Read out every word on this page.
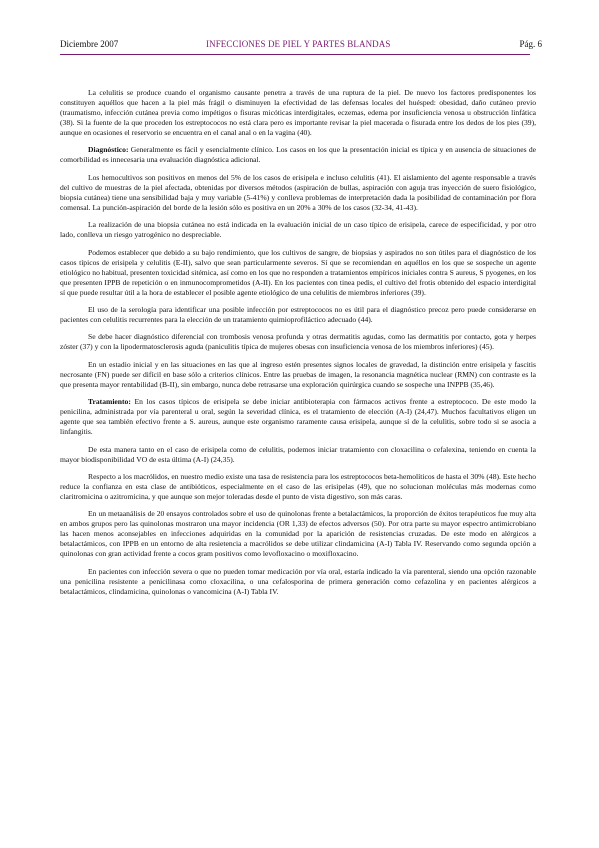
Diciembre 2007	INFECCIONES DE PIEL Y PARTES BLANDAS	Pág. 6

La celulitis se produce cuando el organismo causante penetra a través de una ruptura de la piel. De nuevo los factores predisponentes los constituyen aquéllos que hacen a la piel más frágil o disminuyen la efectividad de las defensas locales del huésped: obesidad, daño cutáneo previo (traumatismo, infección cutánea previa como impétigos o fisuras micóticas interdigitales, eczemas, edema por insuficiencia venosa u obstrucción linfática (38). Si la fuente de la que proceden los estreptococos no está clara pero es importante revisar la piel macerada o fisurada entre los dedos de los pies (39), aunque en ocasiones el reservorio se encuentra en el canal anal o en la vagina (40).

Diagnóstico: Generalmente es fácil y esencialmente clínico. Los casos en los que la presentación inicial es típica y en ausencia de situaciones de comorbilidad es innecesaria una evaluación diagnóstica adicional.

Los hemocultivos son positivos en menos del 5% de los casos de erisipela e incluso celulitis (41). El aislamiento del agente responsable a través del cultivo de muestras de la piel afectada, obtenidas por diversos métodos (aspiración de bullas, aspiración con aguja tras inyección de suero fisiológico, biopsia cutánea) tiene una sensibilidad baja y muy variable (5-41%) y conlleva problemas de interpretación dada la posibilidad de contaminación por flora comensal. La punción-aspiración del borde de la lesión sólo es positiva en un 20% a 30% de los casos (32-34, 41-43).

La realización de una biopsia cutánea no está indicada en la evaluación inicial de un caso típico de erisipela, carece de especificidad, y por otro lado, conlleva un riesgo yatrogénico no despreciable.

Podemos establecer que debido a su bajo rendimiento, que los cultivos de sangre, de biopsias y aspirados no son útiles para el diagnóstico de los casos típicos de erisipela y celulitis (E-II), salvo que sean particularmente severos. Sí que se recomiendan en aquéllos en los que se sospeche un agente etiológico no habitual, presenten toxicidad sitémica, así como en los que no responden a tratamientos empíricos iniciales contra S aureus, S pyogenes, en los que presenten IPPB de repetición o en inmunocomprometidos (A-II). En los pacientes con tinea pedis, el cultivo del frotis obtenido del espacio interdigital sí que puede resultar útil a la hora de establecer el posible agente etiológico de una celulitis de miembros inferiores (39).

El uso de la serología para identificar una posible infección por estreptococos no es útil para el diagnóstico precoz pero puede considerarse en pacientes con celulitis recurrentes para la elección de un tratamiento quimioprofiláctico adecuado (44).

Se debe hacer diagnóstico diferencial con trombosis venosa profunda y otras dermatitis agudas, como las dermatitis por contacto, gota y herpes zóster (37) y con la lipodermatosclerosis aguda (paniculitis típica de mujeres obesas con insuficiencia venosa de los miembros inferiores) (45).

En un estadio inicial y en las situaciones en las que al ingreso estén presentes signos locales de gravedad, la distinción entre erisipela y fascitis necrosante (FN) puede ser difícil en base sólo a criterios clínicos. Entre las pruebas de imagen, la resonancia magnética nuclear (RMN) con contraste es la que presenta mayor rentabilidad (B-II), sin embargo, nunca debe retrasarse una exploración quirúrgica cuando se sospeche una INPPB (35,46).

Tratamiento: En los casos típicos de erisipela se debe iniciar antibioterapia con fármacos activos frente a estreptococo. De este modo la penicilina, administrada por vía parenteral u oral, según la severidad clínica, es el tratamiento de elección (A-I) (24,47). Muchos facultativos eligen un agente que sea también efectivo frente a S. aureus, aunque este organismo raramente causa erisipela, aunque sí de la celulitis, sobre todo si se asocia a linfangitis.

De esta manera tanto en el caso de erisipela como de celulitis, podemos iniciar tratamiento con cloxacilina o cefalexina, teniendo en cuenta la mayor biodisponibilidad VO de esta última (A-I) (24,35).

Respecto a los macrólidos, en nuestro medio existe una tasa de resistencia para los estreptococos beta-hemolíticos de hasta el 30% (48). Este hecho reduce la confianza en esta clase de antibióticos, especialmente en el caso de las erisipelas (49), que no solucionan moléculas más modernas como claritromicina o azitromicina, y que aunque son mejor toleradas desde el punto de vista digestivo, son más caras.

En un metaanálisis de 20 ensayos controlados sobre el uso de quinolonas frente a betalactámicos, la proporción de éxitos terapéuticos fue muy alta en ambos grupos pero las quinolonas mostraron una mayor incidencia (OR 1,33) de efectos adversos (50). Por otra parte su mayor espectro antimicrobiano las hacen menos aconsejables en infecciones adquiridas en la comunidad por la aparición de resistencias cruzadas. De este modo en alérgicos a betalactámicos, con IPPB en un entorno de alta resietencia a macrólidos se debe utilizar clindamicina (A-I) Tabla IV. Reservando como segunda opción a quinolonas con gran actividad frente a cocos gram positivos como levofloxacino o moxifloxacino.

En pacientes con infección severa o que no pueden tomar medicación por vía oral, estaría indicado la vía parenteral, siendo una opción razonable una penicilina resistente a penicilinasa como cloxacilina, o una cefalosporina de primera generación como cefazolina y en pacientes alérgicos a betalactámicos, clindamicina, quinolonas o vancomicina (A-I) Tabla IV.
